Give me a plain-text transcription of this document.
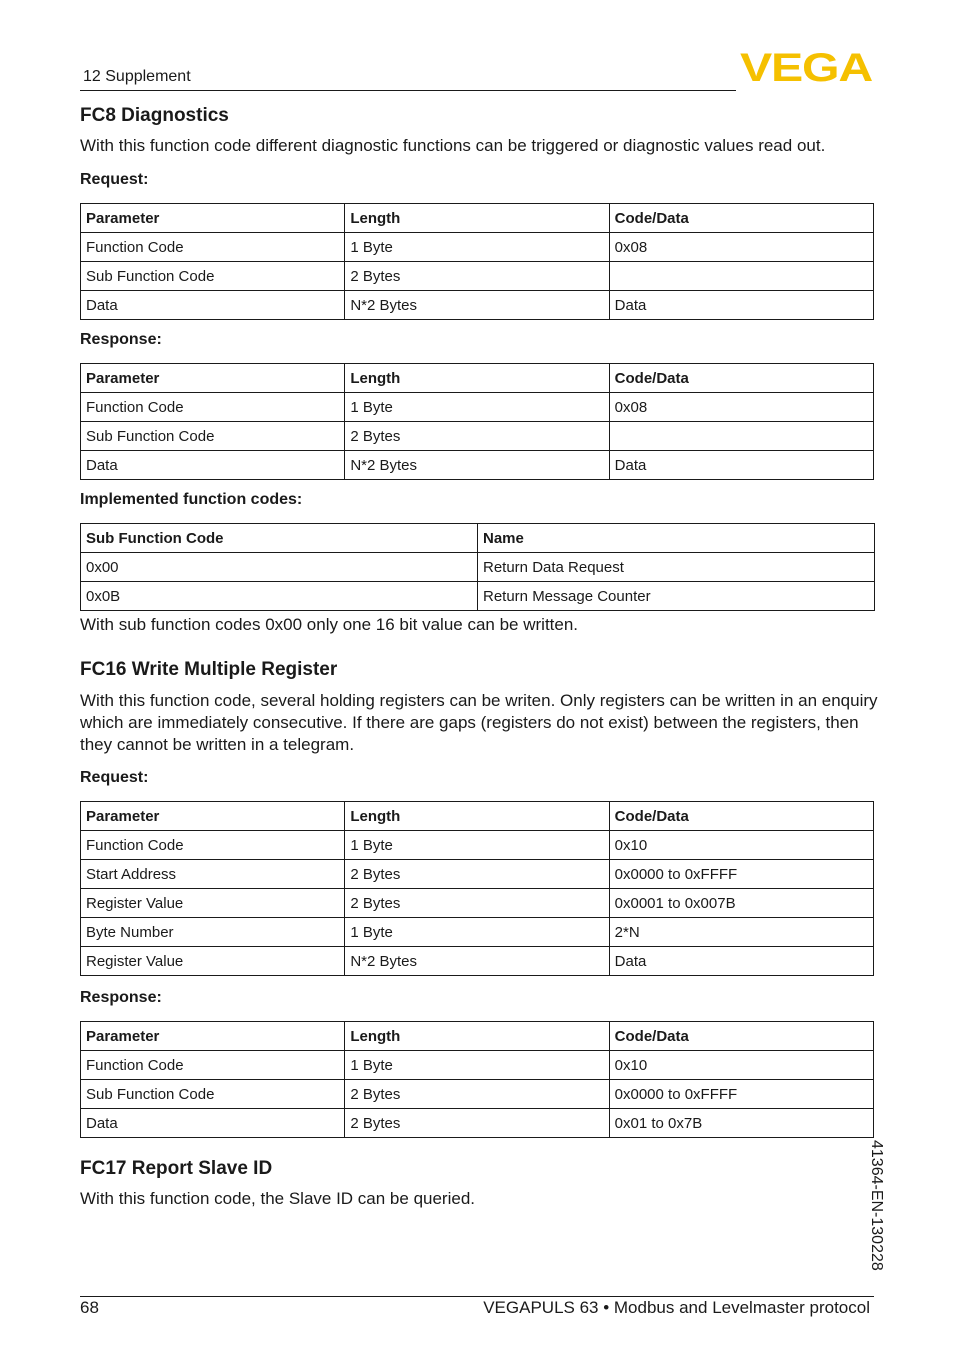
12 Supplement	VEGA
FC8 Diagnostics

With this function code different diagnostic functions can be triggered or diagnostic values read out.

Request:
Parameter	Length	Code/Data
Function Code	1 Byte	0x08
Sub Function Code	2 Bytes	
Data	N*2 Bytes	Data
Response:
Parameter	Length	Code/Data
Function Code	1 Byte	0x08
Sub Function Code	2 Bytes	
Data	N*2 Bytes	Data
Implemented function codes:
Sub Function Code	Name
0x00	Return Data Request
0x0B	Return Message Counter

With sub function codes 0x00 only one 16 bit value can be written.

FC16 Write Multiple Register

With this function code, several holding registers can be writen. Only registers can be written in an enquiry which are immediately consecutive. If there are gaps (registers do not exist) between the registers, then they cannot be written in a telegram.

Request:
Parameter	Length	Code/Data
Function Code	1 Byte	0x10
Start Address	2 Bytes	0x0000 to 0xFFFF
Register Value	2 Bytes	0x0001 to 0x007B
Byte Number	1 Byte	2*N
Register Value	N*2 Bytes	Data
Response:
Parameter	Length	Code/Data
Function Code	1 Byte	0x10
Sub Function Code	2 Bytes	0x0000 to 0xFFFF
Data	2 Bytes	0x01 to 0x7B
FC17 Report Slave ID

With this function code, the Slave ID can be queried.	41364-EN-130228
68	VEGAPULS 63 • Modbus and Levelmaster protocol
